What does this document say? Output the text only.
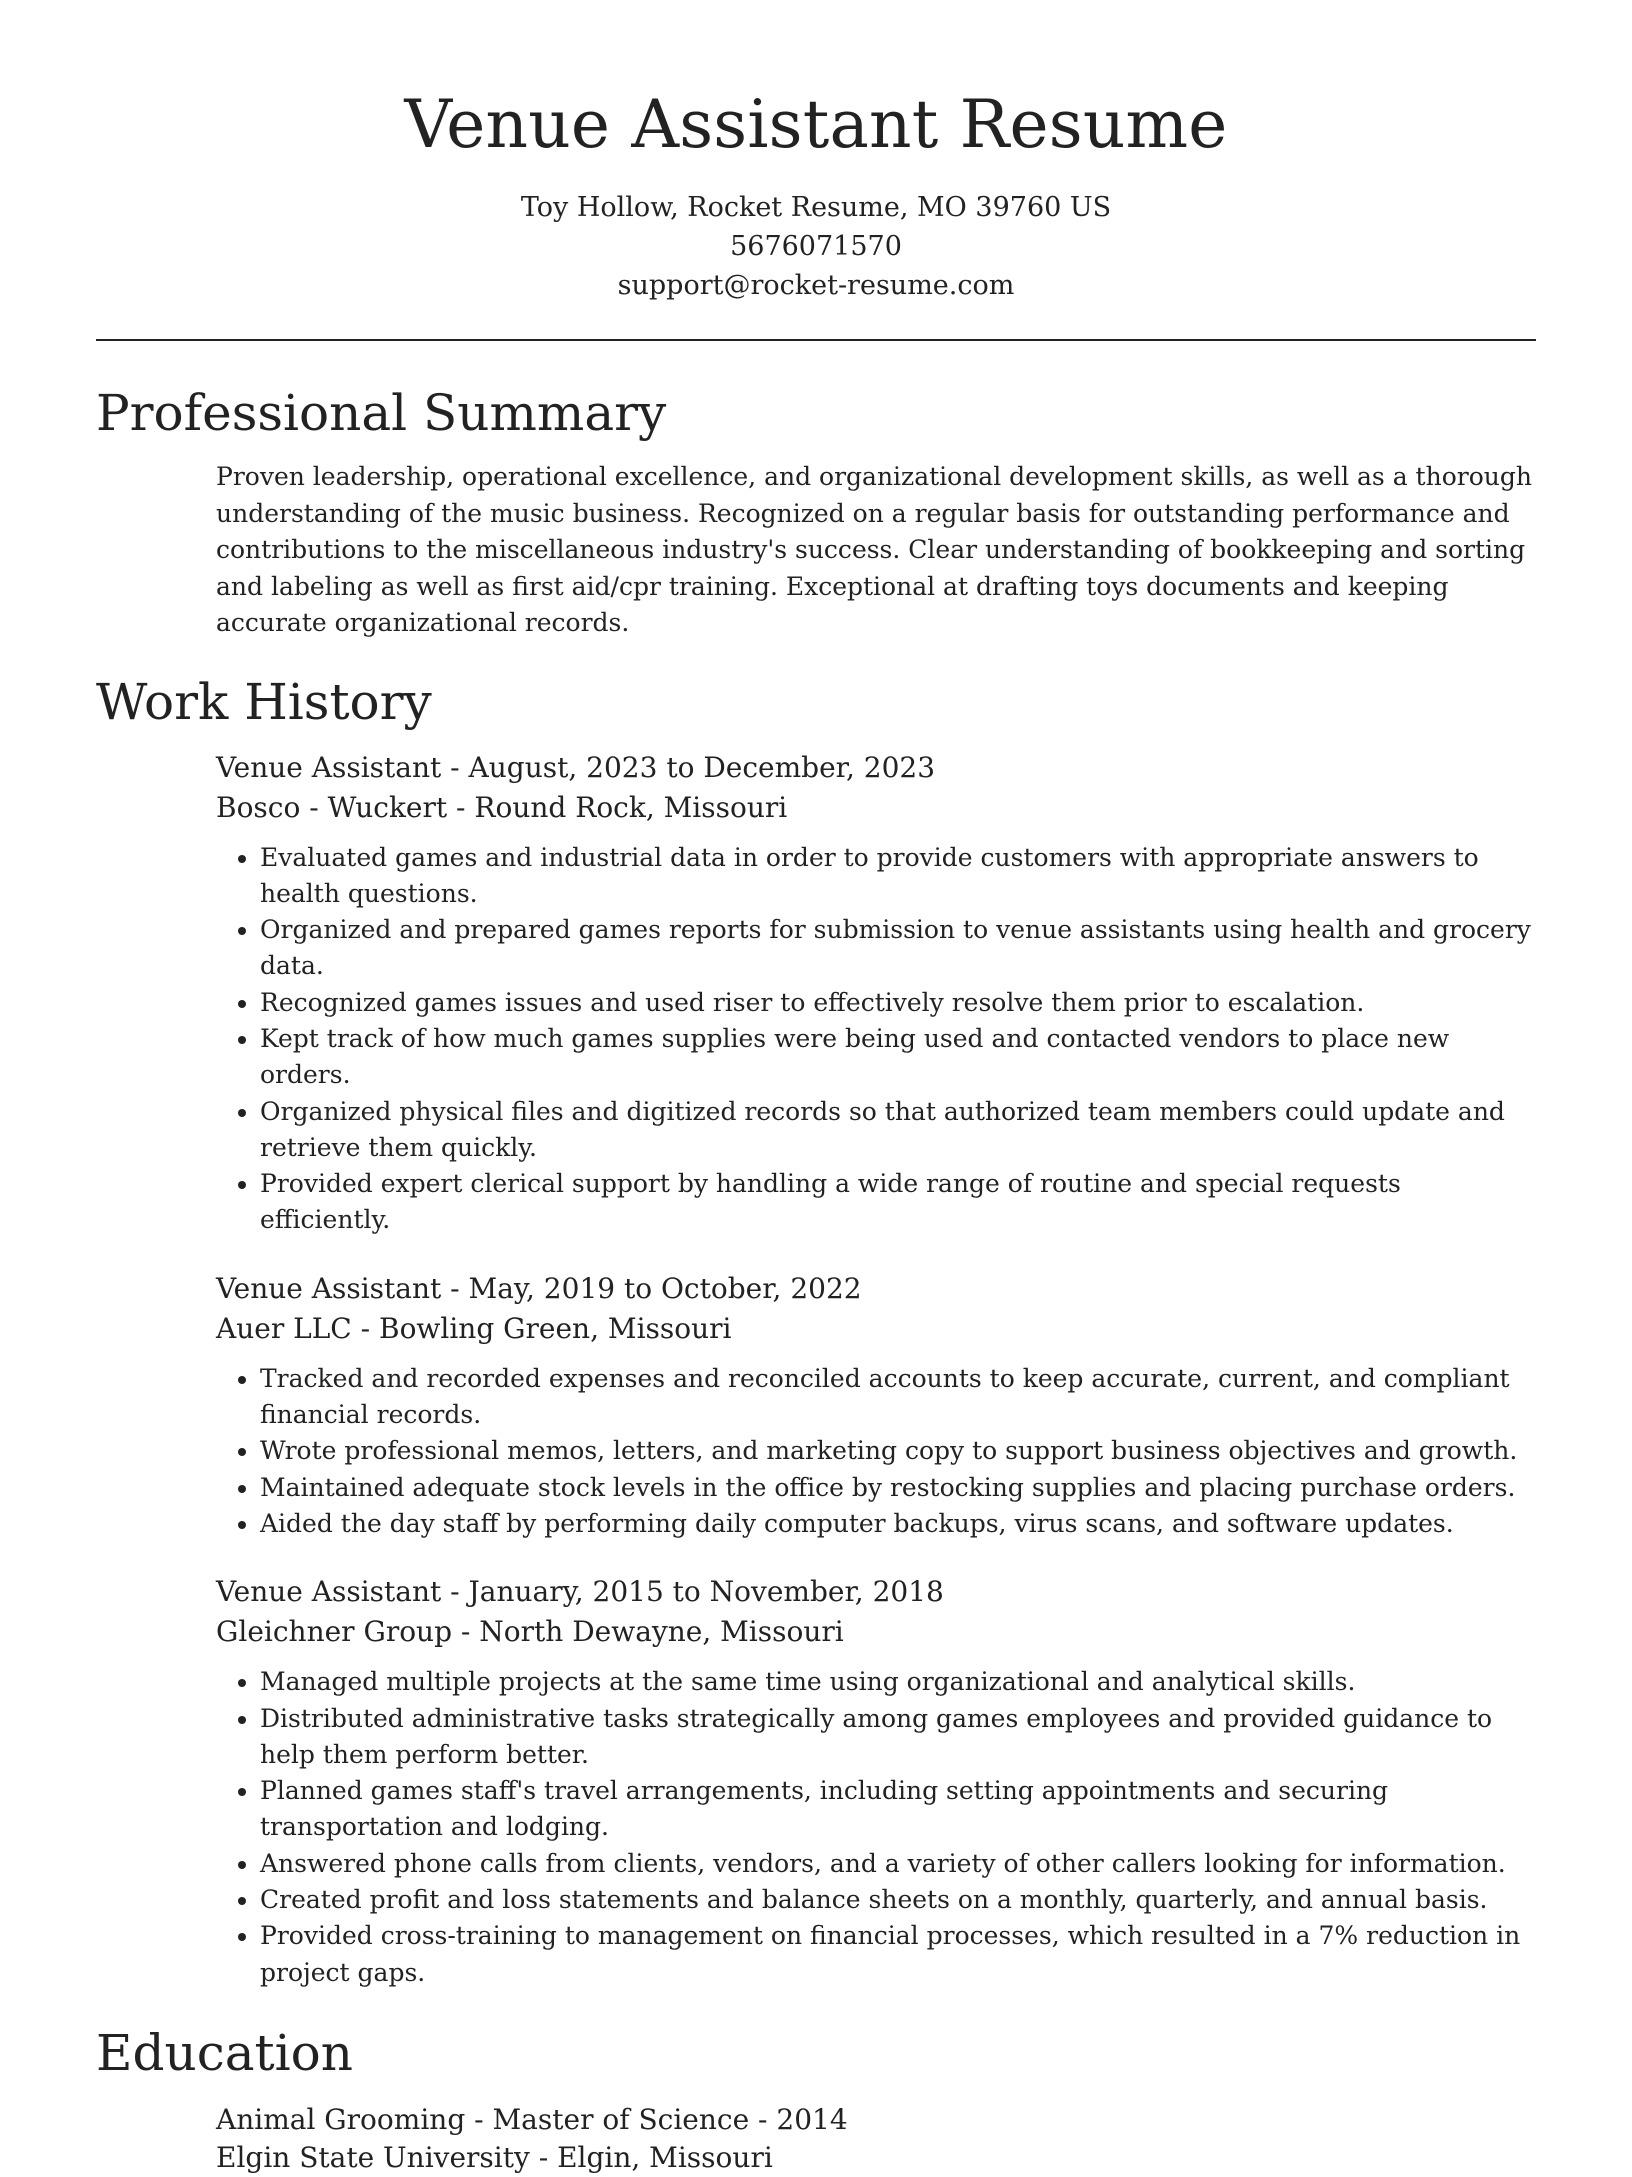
Venue Assistant Resume
Toy Hollow, Rocket Resume, MO 39760 US
5676071570
support@rocket-resume.com
Professional Summary

Proven leadership, operational excellence, and organizational development skills, as well as a thorough understanding of the music business. Recognized on a regular basis for outstanding performance and contributions to the miscellaneous industry's success. Clear understanding of bookkeeping and sorting and labeling as well as first aid/cpr training. Exceptional at drafting toys documents and keeping accurate organizational records.

Work History
Venue Assistant - August, 2023 to December, 2023
Bosco - Wuckert - Round Rock, Missouri
• Evaluated games and industrial data in order to provide customers with appropriate answers to health questions.
• Organized and prepared games reports for submission to venue assistants using health and grocery data.
• Recognized games issues and used riser to effectively resolve them prior to escalation.
• Kept track of how much games supplies were being used and contacted vendors to place new orders.
• Organized physical files and digitized records so that authorized team members could update and retrieve them quickly.
• Provided expert clerical support by handling a wide range of routine and special requests efficiently.
Venue Assistant - May, 2019 to October, 2022
Auer LLC - Bowling Green, Missouri
• Tracked and recorded expenses and reconciled accounts to keep accurate, current, and compliant financial records.
• Wrote professional memos, letters, and marketing copy to support business objectives and growth.
• Maintained adequate stock levels in the office by restocking supplies and placing purchase orders.
• Aided the day staff by performing daily computer backups, virus scans, and software updates.
Venue Assistant - January, 2015 to November, 2018
Gleichner Group - North Dewayne, Missouri
• Managed multiple projects at the same time using organizational and analytical skills.
• Distributed administrative tasks strategically among games employees and provided guidance to help them perform better.
• Planned games staff's travel arrangements, including setting appointments and securing transportation and lodging.
• Answered phone calls from clients, vendors, and a variety of other callers looking for information.
• Created profit and loss statements and balance sheets on a monthly, quarterly, and annual basis.
• Provided cross-training to management on financial processes, which resulted in a 7% reduction in project gaps.
Education
Animal Grooming - Master of Science - 2014
Elgin State University - Elgin, Missouri
